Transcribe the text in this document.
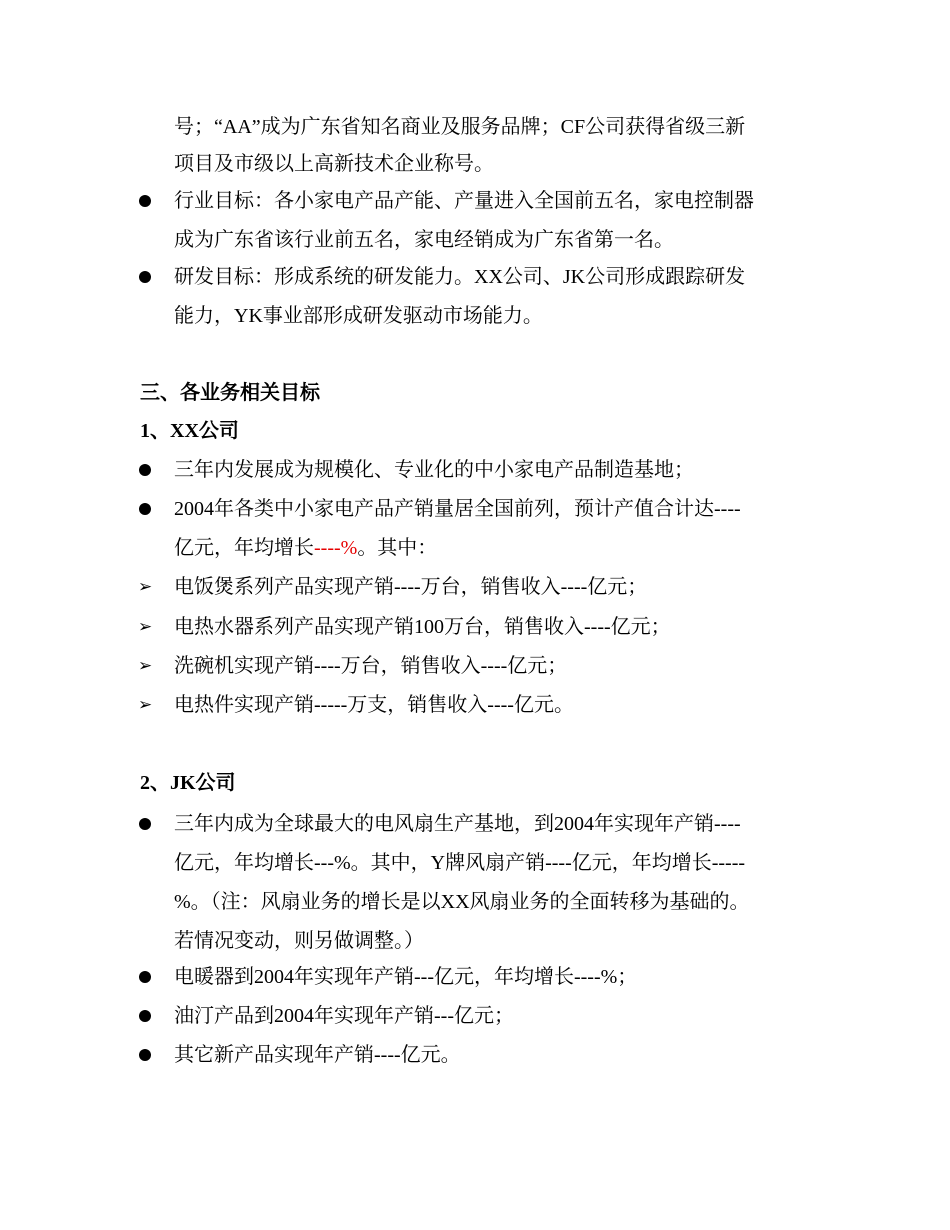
号；“AA”成为广东省知名商业及服务品牌；CF公司获得省级三新
项目及市级以上高新技术企业称号。
行业目标：各小家电产品产能、产量进入全国前五名，家电控制器
成为广东省该行业前五名，家电经销成为广东省第一名。
研发目标：形成系统的研发能力。XX公司、JK公司形成跟踪研发
能力，YK事业部形成研发驱动市场能力。
三、各业务相关目标
1、XX公司
三年内发展成为规模化、专业化的中小家电产品制造基地；
2004年各类中小家电产品产销量居全国前列，预计产值合计达----
亿元，年均增长----%。其中：
➢ 电饭煲系列产品实现产销----万台，销售收入----亿元；
➢ 电热水器系列产品实现产销100万台，销售收入----亿元；
➢ 洗碗机实现产销----万台，销售收入----亿元；
➢ 电热件实现产销-----万支，销售收入----亿元。
2、JK公司
三年内成为全球最大的电风扇生产基地，到2004年实现年产销----
亿元，年均增长---%。其中，Y牌风扇产销----亿元，年均增长-----
%。（注：风扇业务的增长是以XX风扇业务的全面转移为基础的。
若情况变动，则另做调整。）
电暖器到2004年实现年产销---亿元，年均增长----%；
油汀产品到2004年实现年产销---亿元；
其它新产品实现年产销----亿元。
